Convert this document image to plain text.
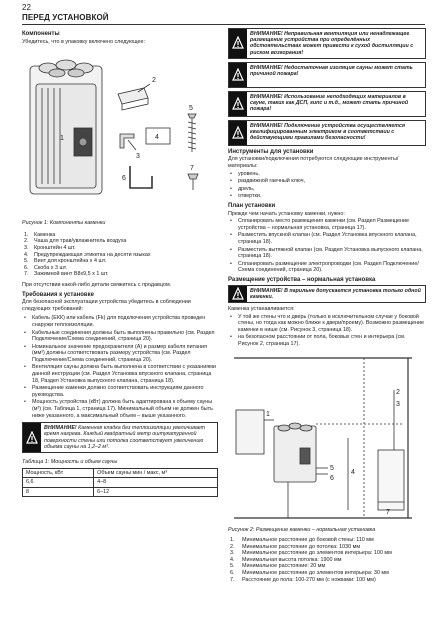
22
ПЕРЕД УСТАНОВКОЙ
Компоненты

Убедитесь, что в упаковку включено следующее:

1
2
3
4
5
6
7
Рисунок 1: Компоненты каменки
1. Каменка
2. Чаша для трав/увлажнитель воздуха
3. Кронштейн 4 шт.
4. Предупреждающая этикетка на десяти языках
5. Винт для кронштейна x 4 шт.
6. Скоба x 3 шт.
7. Зажимной винт В8х9,5 x 1 шт.

При отсутствии какой-либо детали свяжитесь с продавцом.

Требования к установке

Для безопасной эксплуатации устройства убедитесь в соблюдении следующих требований:

• Кабель (ЕКК) или кабель (Fk) для подключения устройства проведен снаружи теплоизоляции.
• Кабельные соединения должны быть выполнены правильно (см. Раздел Подключение/Схема соединений, страница 20).
• Номинальное значение предохранителя (А) и размер кабеля питания (мм²) должны соответствовать размеру устройства (см. Раздел Подключение/Схема соединений, страница 20).
• Вентиляция сауны должна быть выполнена в соответствии с указаниями данной инструкции (см. Раздел Установка впускного клапана, страница 18, Раздел Установка выпускного клапана, страница 18).
• Размещение каменки должно соответствовать инструкциям данного руководства.
• Мощность устройства (кВт) должна быть адаптирована к объему сауны (м³) (см. Таблица 1, страница 17). Минимальный объем не должен быть ниже указанного, а максимальный объем – выше указанного.
ВНИМАНИЕ! Каменная кладка без теплоизоляции увеличивает время нагрева. Каждый квадратный метр оштукатуренной поверхности стены или потолка соответствует увеличению объема сауны на 1,2–2 м³.
Таблица 1: Мощность и объем сауны
Мощность, кВт	Объем сауны мин / макс, м³
6,6	4–8
8	6–12
ВНИМАНИЕ! Неправильная вентиляция или ненадлежащее размещение устройства при определённых обстоятельствах может привести к сухой дистилляции с риском возгорания!
ВНИМАНИЕ! Недостаточная изоляция сауны может стать причиной пожара!
ВНИМАНИЕ! Использование неподходящих материалов в сауне, таких как ДСП, гипс и т.д., может стать причиной пожара!
ВНИМАНИЕ! Подключение устройства осуществляется квалифицированным электриком в соответствии с действующими правилами безопасности!
Инструменты для установки

Для установки/подключения потребуются следующие инструменты/материалы:

• уровень,
• раздвижной гаечный ключ,
• дрель,
• отвертки.
План установки

Прежде чем начать установку каменки, нужно:

• Спланировать место размещения каменки (см. Раздел Размещение устройства – нормальная установка, страница 17).
• Разместить впускной клапан (см. Раздел Установка впускного клапана, страница 18).
• Разместить вытяжной клапан (см. Раздел Установка выпускного клапана, страница 18).
• Спланировать размещение электропроводки (см. Раздел Подключение/Схема соединений, страница 20).
Размещение устройства – нормальная установка
ВНИМАНИЕ! В парильне допускается установка только одной каменки.

Каменка устанавливается:

• У той же стены что и дверь (только в исключительном случае у боковой стены, но тогда как можно ближе к двери/проему). Возможно размещение каменки в нише (см. Рисунок 3, страница 18).
• на безопасном расстоянии от пола, боковых стен и интерьера (см. Рисунок 2, страница 17).
1
2
3
4
5
6
7
Рисунок 2: Размещение каменки – нормальная установка
1. Минимальное расстояние до боковой стены: 110 мм
2. Минимальное расстояние до потолка: 1030 мм
3. Минимальное расстояние до элементов интерьера: 100 мм
4. Минимальная высота потолка: 1900 мм
5. Минимальное расстояние: 20 мм
6. Минимальное расстояние до элементов интерьера: 30 мм
7. Расстояние до пола: 100-270 мм (с ножками: 100 мм)
